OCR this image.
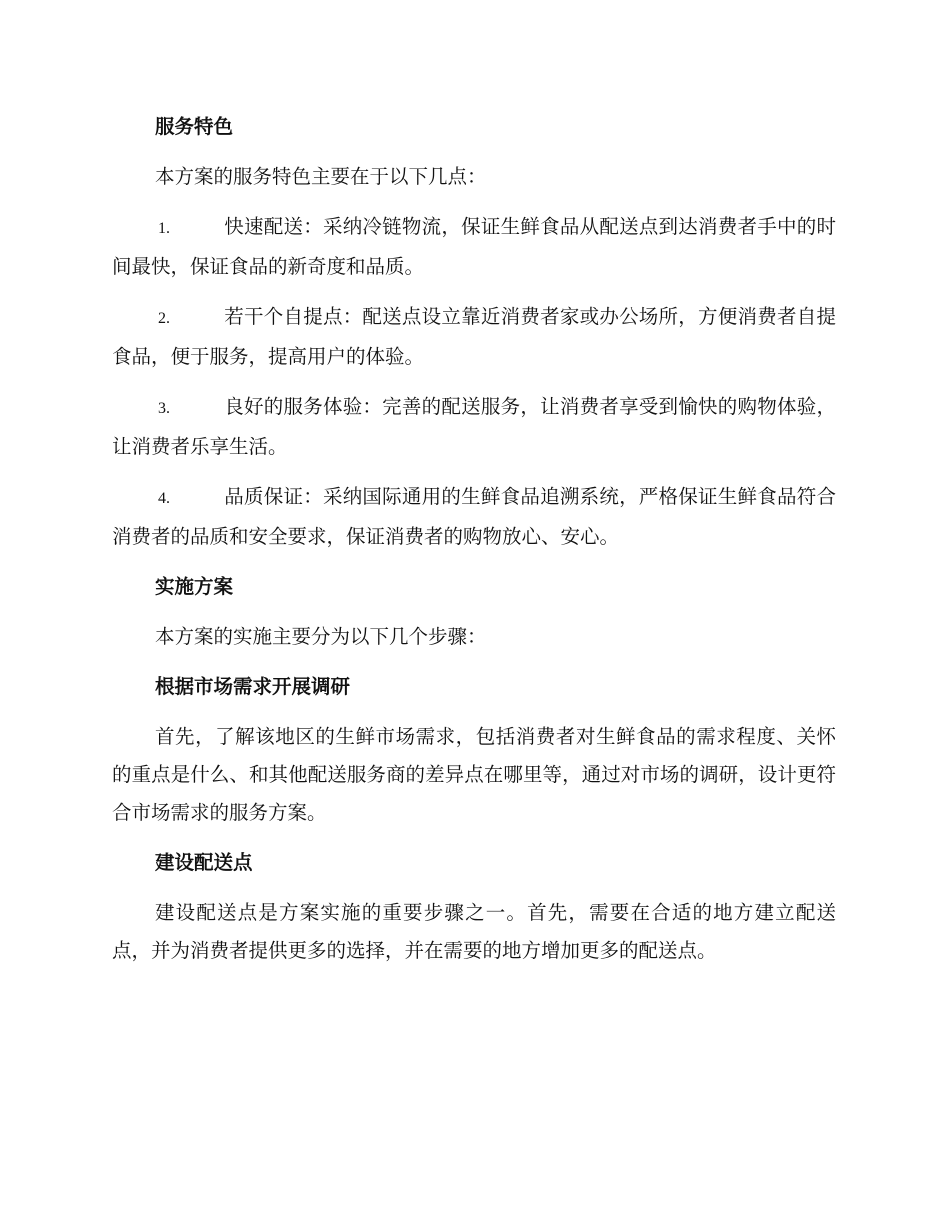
服务特色
本方案的服务特色主要在于以下几点：
1.	快速配送：采纳冷链物流，保证生鲜食品从配送点到达消费者手中的时间最快，保证食品的新奇度和品质。
2.	若干个自提点：配送点设立靠近消费者家或办公场所，方便消费者自提食品，便于服务，提高用户的体验。
3.	良好的服务体验：完善的配送服务，让消费者享受到愉快的购物体验，让消费者乐享生活。
4.	品质保证：采纳国际通用的生鲜食品追溯系统，严格保证生鲜食品符合消费者的品质和安全要求，保证消费者的购物放心、安心。
实施方案
本方案的实施主要分为以下几个步骤：
根据市场需求开展调研
首先，了解该地区的生鲜市场需求，包括消费者对生鲜食品的需求程度、关怀的重点是什么、和其他配送服务商的差异点在哪里等，通过对市场的调研，设计更符合市场需求的服务方案。
建设配送点
建设配送点是方案实施的重要步骤之一。首先，需要在合适的地方建立配送点，并为消费者提供更多的选择，并在需要的地方增加更多的配送点。
